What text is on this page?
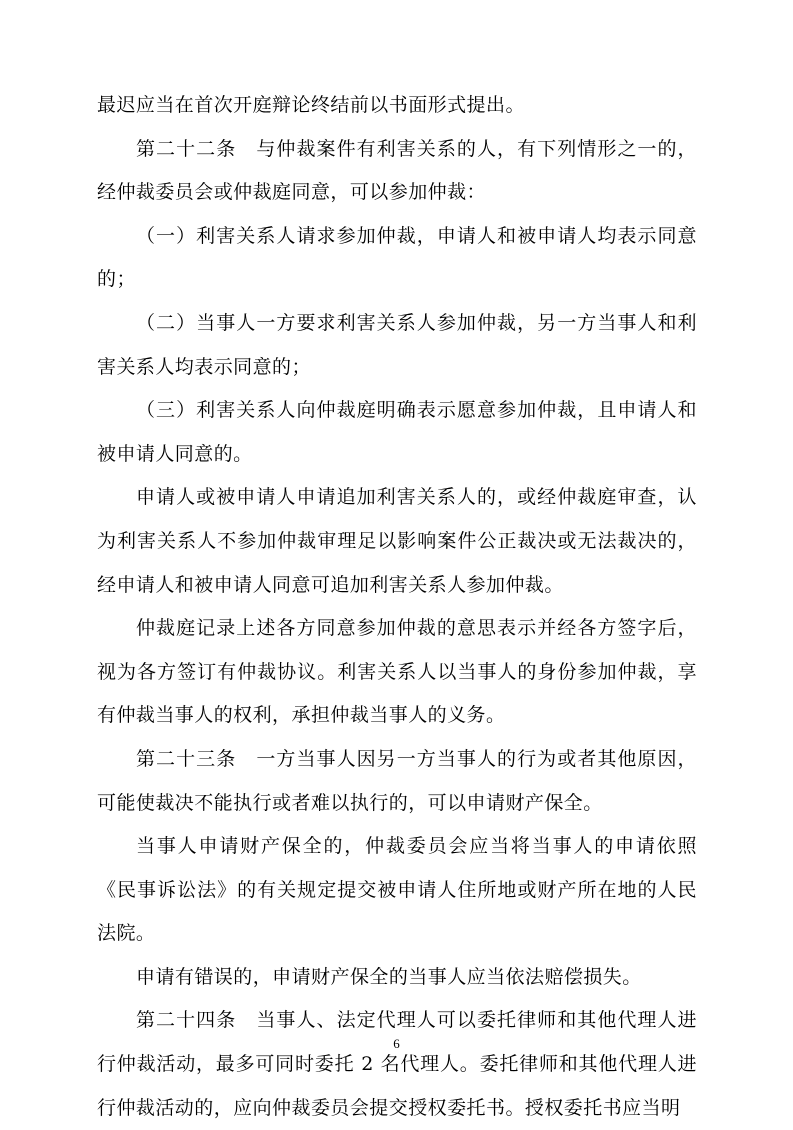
最迟应当在首次开庭辩论终结前以书面形式提出。

第二十二条　与仲裁案件有利害关系的人，有下列情形之一的，经仲裁委员会或仲裁庭同意，可以参加仲裁：

（一）利害关系人请求参加仲裁，申请人和被申请人均表示同意的；

（二）当事人一方要求利害关系人参加仲裁，另一方当事人和利害关系人均表示同意的；

（三）利害关系人向仲裁庭明确表示愿意参加仲裁，且申请人和被申请人同意的。

申请人或被申请人申请追加利害关系人的，或经仲裁庭审查，认为利害关系人不参加仲裁审理足以影响案件公正裁决或无法裁决的，经申请人和被申请人同意可追加利害关系人参加仲裁。

仲裁庭记录上述各方同意参加仲裁的意思表示并经各方签字后，视为各方签订有仲裁协议。利害关系人以当事人的身份参加仲裁，享有仲裁当事人的权利，承担仲裁当事人的义务。

第二十三条　一方当事人因另一方当事人的行为或者其他原因，可能使裁决不能执行或者难以执行的，可以申请财产保全。

当事人申请财产保全的，仲裁委员会应当将当事人的申请依照《民事诉讼法》的有关规定提交被申请人住所地或财产所在地的人民法院。

申请有错误的，申请财产保全的当事人应当依法赔偿损失。

第二十四条　当事人、法定代理人可以委托律师和其他代理人进行仲裁活动，最多可同时委托 2 名代理人。委托律师和其他代理人进行仲裁活动的，应向仲裁委员会提交授权委托书。授权委托书应当明

6
